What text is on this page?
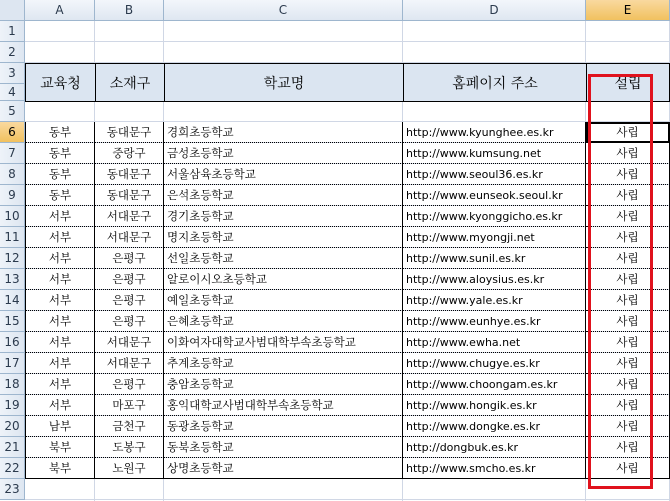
A	B	C	D	E
1
2
3
4
5
6
7
8
9
10
11
12
13
14
15
16
17
18
19
20
21
22
23
교육청	소재구	학교명	홈페이지 주소	설립
동부	동대문구	경희초등학교	http://www.kyunghee.es.kr	사립
동부	중랑구	금성초등학교	http://www.kumsung.net	사립
동부	동대문구	서울삼육초등학교	http://www.seoul36.es.kr	사립
동부	동대문구	은석초등학교	http://www.eunseok.seoul.kr	사립
서부	서대문구	경기초등학교	http://www.kyonggicho.es.kr	사립
서부	서대문구	명지초등학교	http://www.myongji.net	사립
서부	은평구	선일초등학교	http://www.sunil.es.kr	사립
서부	은평구	알로이시오초등학교	http://www.aloysius.es.kr	사립
서부	은평구	예일초등학교	http://www.yale.es.kr	사립
서부	은평구	은혜초등학교	http://www.eunhye.es.kr	사립
서부	서대문구	이화여자대학교사범대학부속초등학교	http://www.ewha.net	사립
서부	서대문구	추계초등학교	http://www.chugye.es.kr	사립
서부	은평구	충암초등학교	http://www.choongam.es.kr	사립
서부	마포구	홍익대학교사범대학부속초등학교	http://www.hongik.es.kr	사립
남부	금천구	동광초등학교	http://www.dongke.es.kr	사립
북부	도봉구	동북초등학교	http://dongbuk.es.kr	사립
북부	노원구	상명초등학교	http://www.smcho.es.kr	사립
